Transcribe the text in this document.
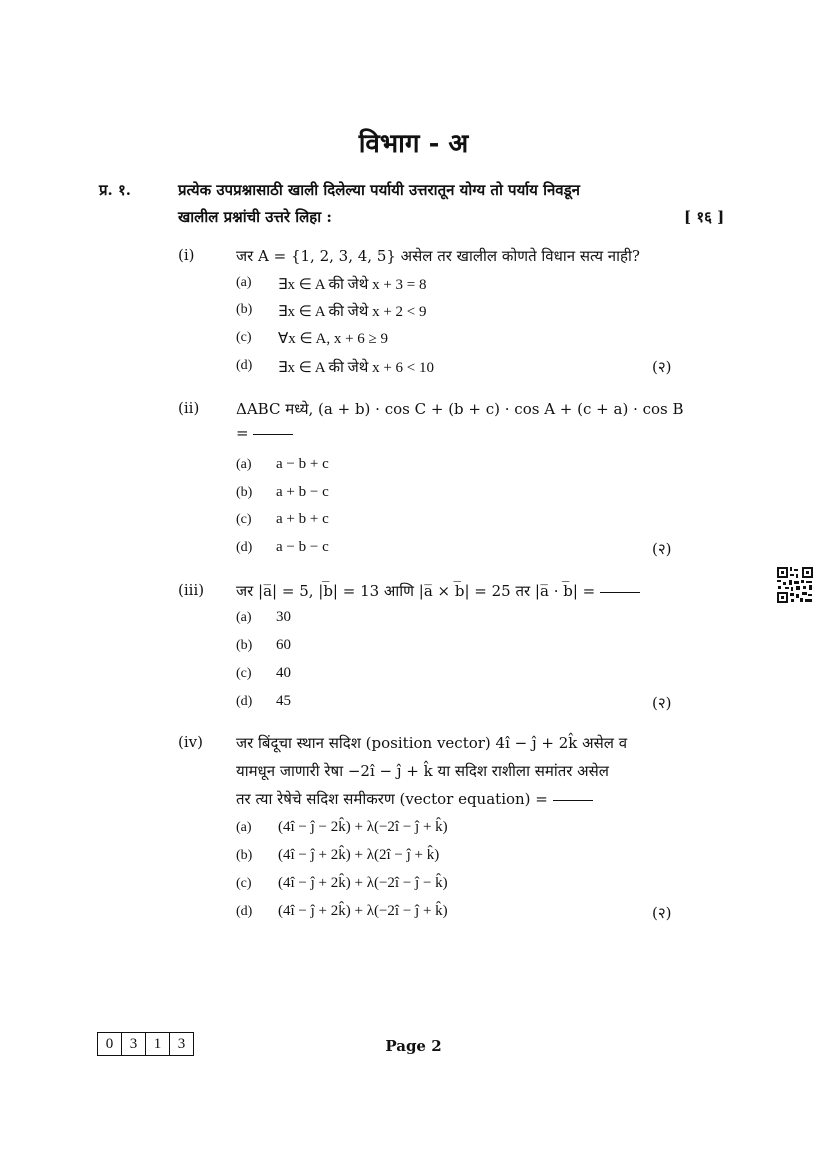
विभाग - अ
प्र. १.	प्रत्येक उपप्रश्नासाठी खाली दिलेल्या पर्यायी उत्तरातून योग्य तो पर्याय निवडून
खालील प्रश्नांची उत्तरे लिहा :	[ १६ ]
(i)	जर A = {1, 2, 3, 4, 5} असेल तर खालील कोणते विधान सत्य नाही?
(a) ∃x ∈ A की जेथे x + 3 = 8
(b) ∃x ∈ A की जेथे x + 2 < 9
(c) ∀x ∈ A, x + 6 ≥ 9
(d) ∃x ∈ A की जेथे x + 6 < 10	(२)
(ii) ΔABC मध्ये, (a + b) · cos C + (b + c) · cos A + (c + a) · cos B
=
(a) a − b + c
(b) a + b − c
(c) a + b + c
(d) a − b − c	(२)
(iii) जर |a̅| = 5, |b̅| = 13 आणि |a̅ × b̅| = 25 तर |a̅ · b̅| =
(a) 30
(b) 60
(c) 40
(d) 45	(२)
(iv) जर बिंदूचा स्थान सदिश (position vector) 4î − ĵ + 2k̂ असेल व
यामधून जाणारी रेषा −2î − ĵ + k̂ या सदिश राशीला समांतर असेल
तर त्या रेषेचे सदिश समीकरण (vector equation) =
(a) (4î − ĵ − 2k̂) + λ(−2î − ĵ + k̂)
(b) (4î − ĵ + 2k̂) + λ(2î − ĵ + k̂)
(c) (4î − ĵ + 2k̂) + λ(−2î − ĵ − k̂)
(d) (4î − ĵ + 2k̂) + λ(−2î − ĵ + k̂)	(२)
0	3	1	3	Page 2
